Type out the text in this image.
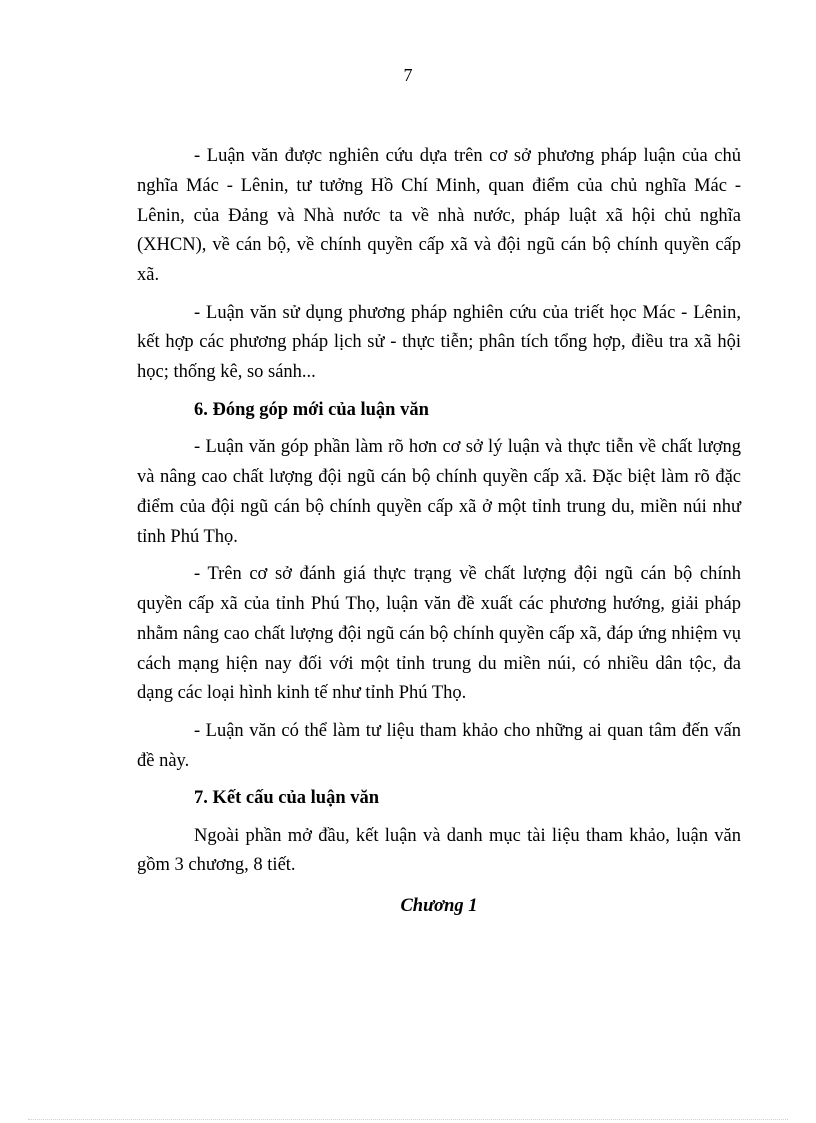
7

- Luận văn được nghiên cứu dựa trên cơ sở phương pháp luận của chủ nghĩa Mác - Lênin, tư tưởng Hồ Chí Minh, quan điểm của chủ nghĩa Mác - Lênin, của Đảng và Nhà nước ta về nhà nước, pháp luật xã hội chủ nghĩa (XHCN), về cán bộ, về chính quyền cấp xã và đội ngũ cán bộ chính quyền cấp xã.

- Luận văn sử dụng phương pháp nghiên cứu của triết học Mác - Lênin, kết hợp các phương pháp lịch sử - thực tiễn; phân tích tổng hợp, điều tra xã hội học; thống kê, so sánh...

6. Đóng góp mới của luận văn

- Luận văn góp phần làm rõ hơn cơ sở lý luận và thực tiễn về chất lượng và nâng cao chất lượng đội ngũ cán bộ chính quyền cấp xã. Đặc biệt làm rõ đặc điểm của đội ngũ cán bộ chính quyền cấp xã ở một tỉnh trung du, miền núi như tỉnh Phú Thọ.

- Trên cơ sở đánh giá thực trạng về chất lượng đội ngũ cán bộ chính quyền cấp xã của tỉnh Phú Thọ, luận văn đề xuất các phương hướng, giải pháp nhằm nâng cao chất lượng đội ngũ cán bộ chính quyền cấp xã, đáp ứng nhiệm vụ cách mạng hiện nay đối với một tỉnh trung du miền núi, có nhiều dân tộc, đa dạng các loại hình kinh tế như tỉnh Phú Thọ.

- Luận văn có thể làm tư liệu tham khảo cho những ai quan tâm đến vấn đề này.

7. Kết cấu của luận văn

Ngoài phần mở đầu, kết luận và danh mục tài liệu tham khảo, luận văn gồm 3 chương, 8 tiết.

Chương 1
